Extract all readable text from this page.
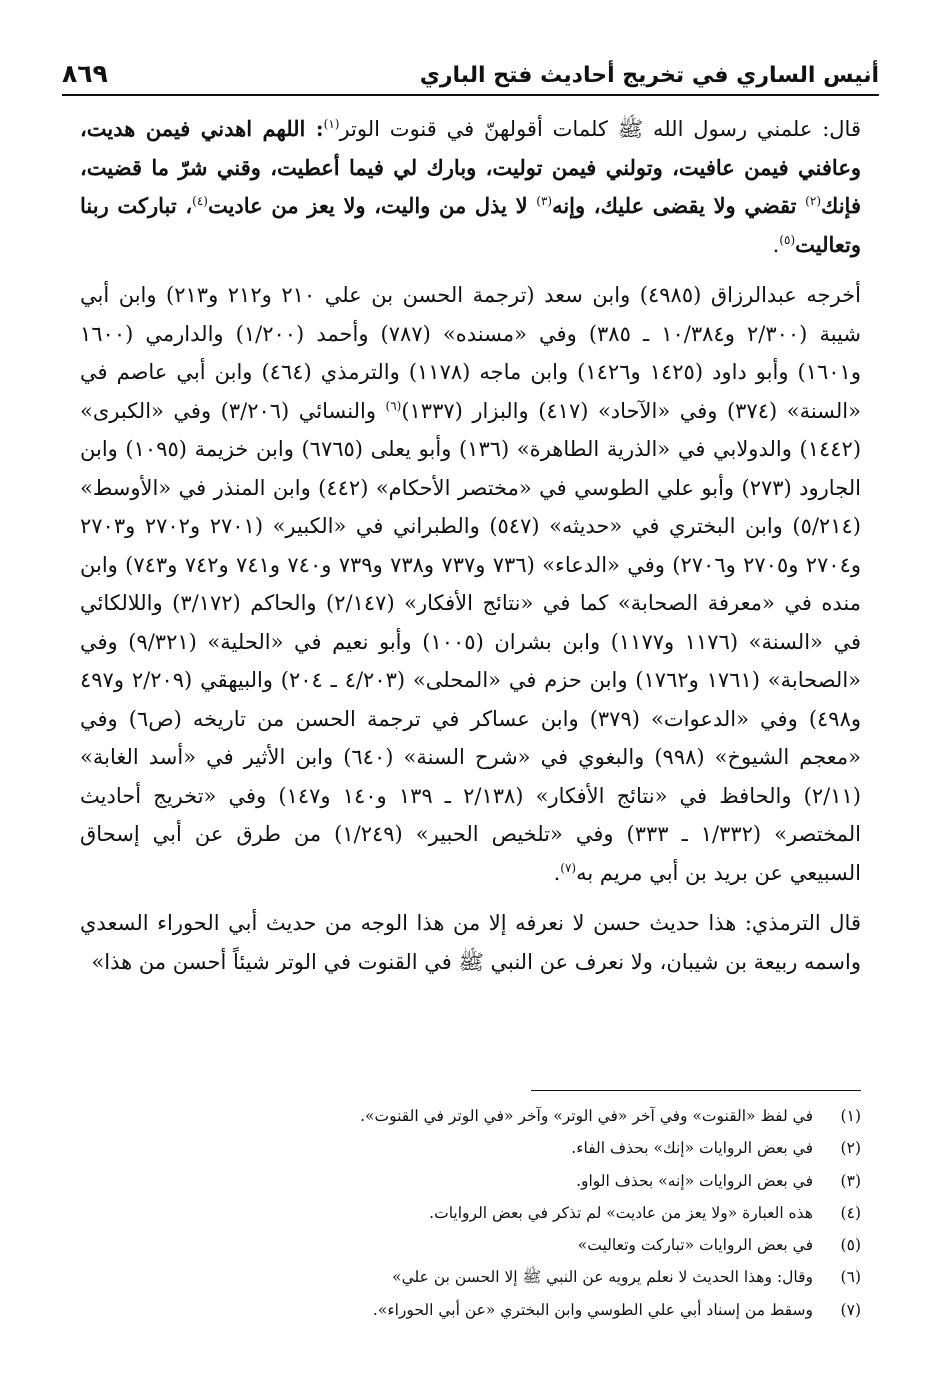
أنيس الساري في تخريج أحاديث فتح الباري
٨٦٩

قال: علمني رسول الله ﷺ كلمات أقولهنّ في قنوت الوتر$^{(١)}$: اللهم اهدني فيمن هديت، وعافني فيمن عافيت، وتولني فيمن توليت، وبارك لي فيما أعطيت، وقني شرّ ما قضيت، فإنك$^{(٢)}$ تقضي ولا يقضى عليك، وإنه$^{(٣)}$ لا يذل من واليت، ولا يعز من عاديت$^{(٤)}$، تباركت ربنا وتعاليت$^{(٥)}$.

أخرجه عبدالرزاق (٤٩٨٥) وابن سعد (ترجمة الحسن بن علي ٢١٠ و٢١٢ و٢١٣) وابن أبي شيبة (٢/٣٠٠ و١٠/٣٨٤ ـ ٣٨٥) وفي «مسنده» (٧٨٧) وأحمد (١/٢٠٠) والدارمي (١٦٠٠ و١٦٠١) وأبو داود (١٤٢٥ و١٤٢٦) وابن ماجه (١١٧٨) والترمذي (٤٦٤) وابن أبي عاصم في «السنة» (٣٧٤) وفي «الآحاد» (٤١٧) والبزار (١٣٣٧)$^{(٦)}$ والنسائي (٣/٢٠٦) وفي «الكبرى» (١٤٤٢) والدولابي في «الذرية الطاهرة» (١٣٦) وأبو يعلى (٦٧٦٥) وابن خزيمة (١٠٩٥) وابن الجارود (٢٧٣) وأبو علي الطوسي في «مختصر الأحكام» (٤٤٢) وابن المنذر في «الأوسط» (٥/٢١٤) وابن البختري في «حديثه» (٥٤٧) والطبراني في «الكبير» (٢٧٠١ و٢٧٠٢ و٢٧٠٣ و٢٧٠٤ و٢٧٠٥ و٢٧٠٦) وفي «الدعاء» (٧٣٦ و٧٣٧ و٧٣٨ و٧٣٩ و٧٤٠ و٧٤١ و٧٤٢ و٧٤٣) وابن منده في «معرفة الصحابة» كما في «نتائج الأفكار» (٢/١٤٧) والحاكم (٣/١٧٢) واللالكائي في «السنة» (١١٧٦ و١١٧٧) وابن بشران (١٠٠٥) وأبو نعيم في «الحلية» (٩/٣٢١) وفي «الصحابة» (١٧٦١ و١٧٦٢) وابن حزم في «المحلى» (٤/٢٠٣ ـ ٢٠٤) والبيهقي (٢/٢٠٩ و٤٩٧ و٤٩٨) وفي «الدعوات» (٣٧٩) وابن عساكر في ترجمة الحسن من تاريخه (ص٦) وفي «معجم الشيوخ» (٩٩٨) والبغوي في «شرح السنة» (٦٤٠) وابن الأثير في «أسد الغابة» (٢/١١) والحافظ في «نتائج الأفكار» (٢/١٣٨ ـ ١٣٩ و١٤٠ و١٤٧) وفي «تخريج أحاديث المختصر» (١/٣٣٢ ـ ٣٣٣) وفي «تلخيص الحبير» (١/٢٤٩) من طرق عن أبي إسحاق السبيعي عن بريد بن أبي مريم به$^{(٧)}$.

قال الترمذي: هذا حديث حسن لا نعرفه إلا من هذا الوجه من حديث أبي الحوراء السعدي واسمه ربيعة بن شيبان، ولا نعرف عن النبي ﷺ في القنوت في الوتر شيئاً أحسن من هذا»

(١)
في لفظ «القنوت» وفي آخر «في الوتر» وآخر «في الوتر في القنوت».
(٢)
في بعض الروايات «إنك» بحذف الفاء.
(٣)
في بعض الروايات «إنه» بحذف الواو.
(٤)
هذه العبارة «ولا يعز من عاديت» لم تذكر في بعض الروايات.
(٥)
في بعض الروايات «تباركت وتعاليت»
(٦)
وقال: وهذا الحديث لا نعلم يرويه عن النبي ﷺ إلا الحسن بن علي»
(٧)
وسقط من إسناد أبي علي الطوسي وابن البختري «عن أبي الحوراء».
